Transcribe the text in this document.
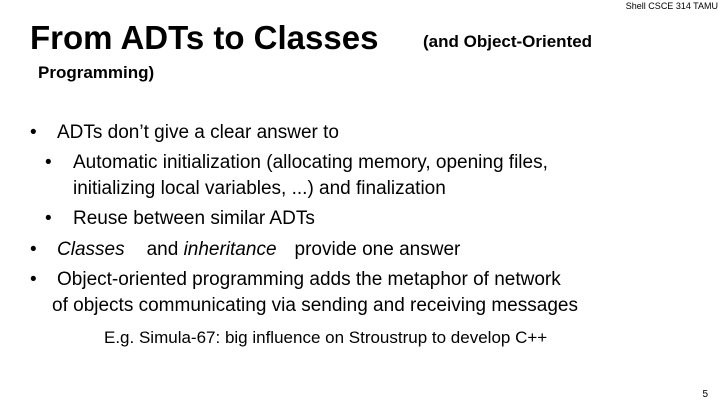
Shell CSCE 314 TAMU
From ADTs to Classes	(and Object-Oriented
Programming)
• ADTs don’t give a clear answer to
• Automatic initialization (allocating memory, opening files,
initializing local variables, ...) and finalization
• Reuse between similar ADTs
• Classes and inheritance provide one answer
• Object-oriented programming adds the metaphor of network
of objects communicating via sending and receiving messages
E.g. Simula-67: big influence on Stroustrup to develop C++
5
